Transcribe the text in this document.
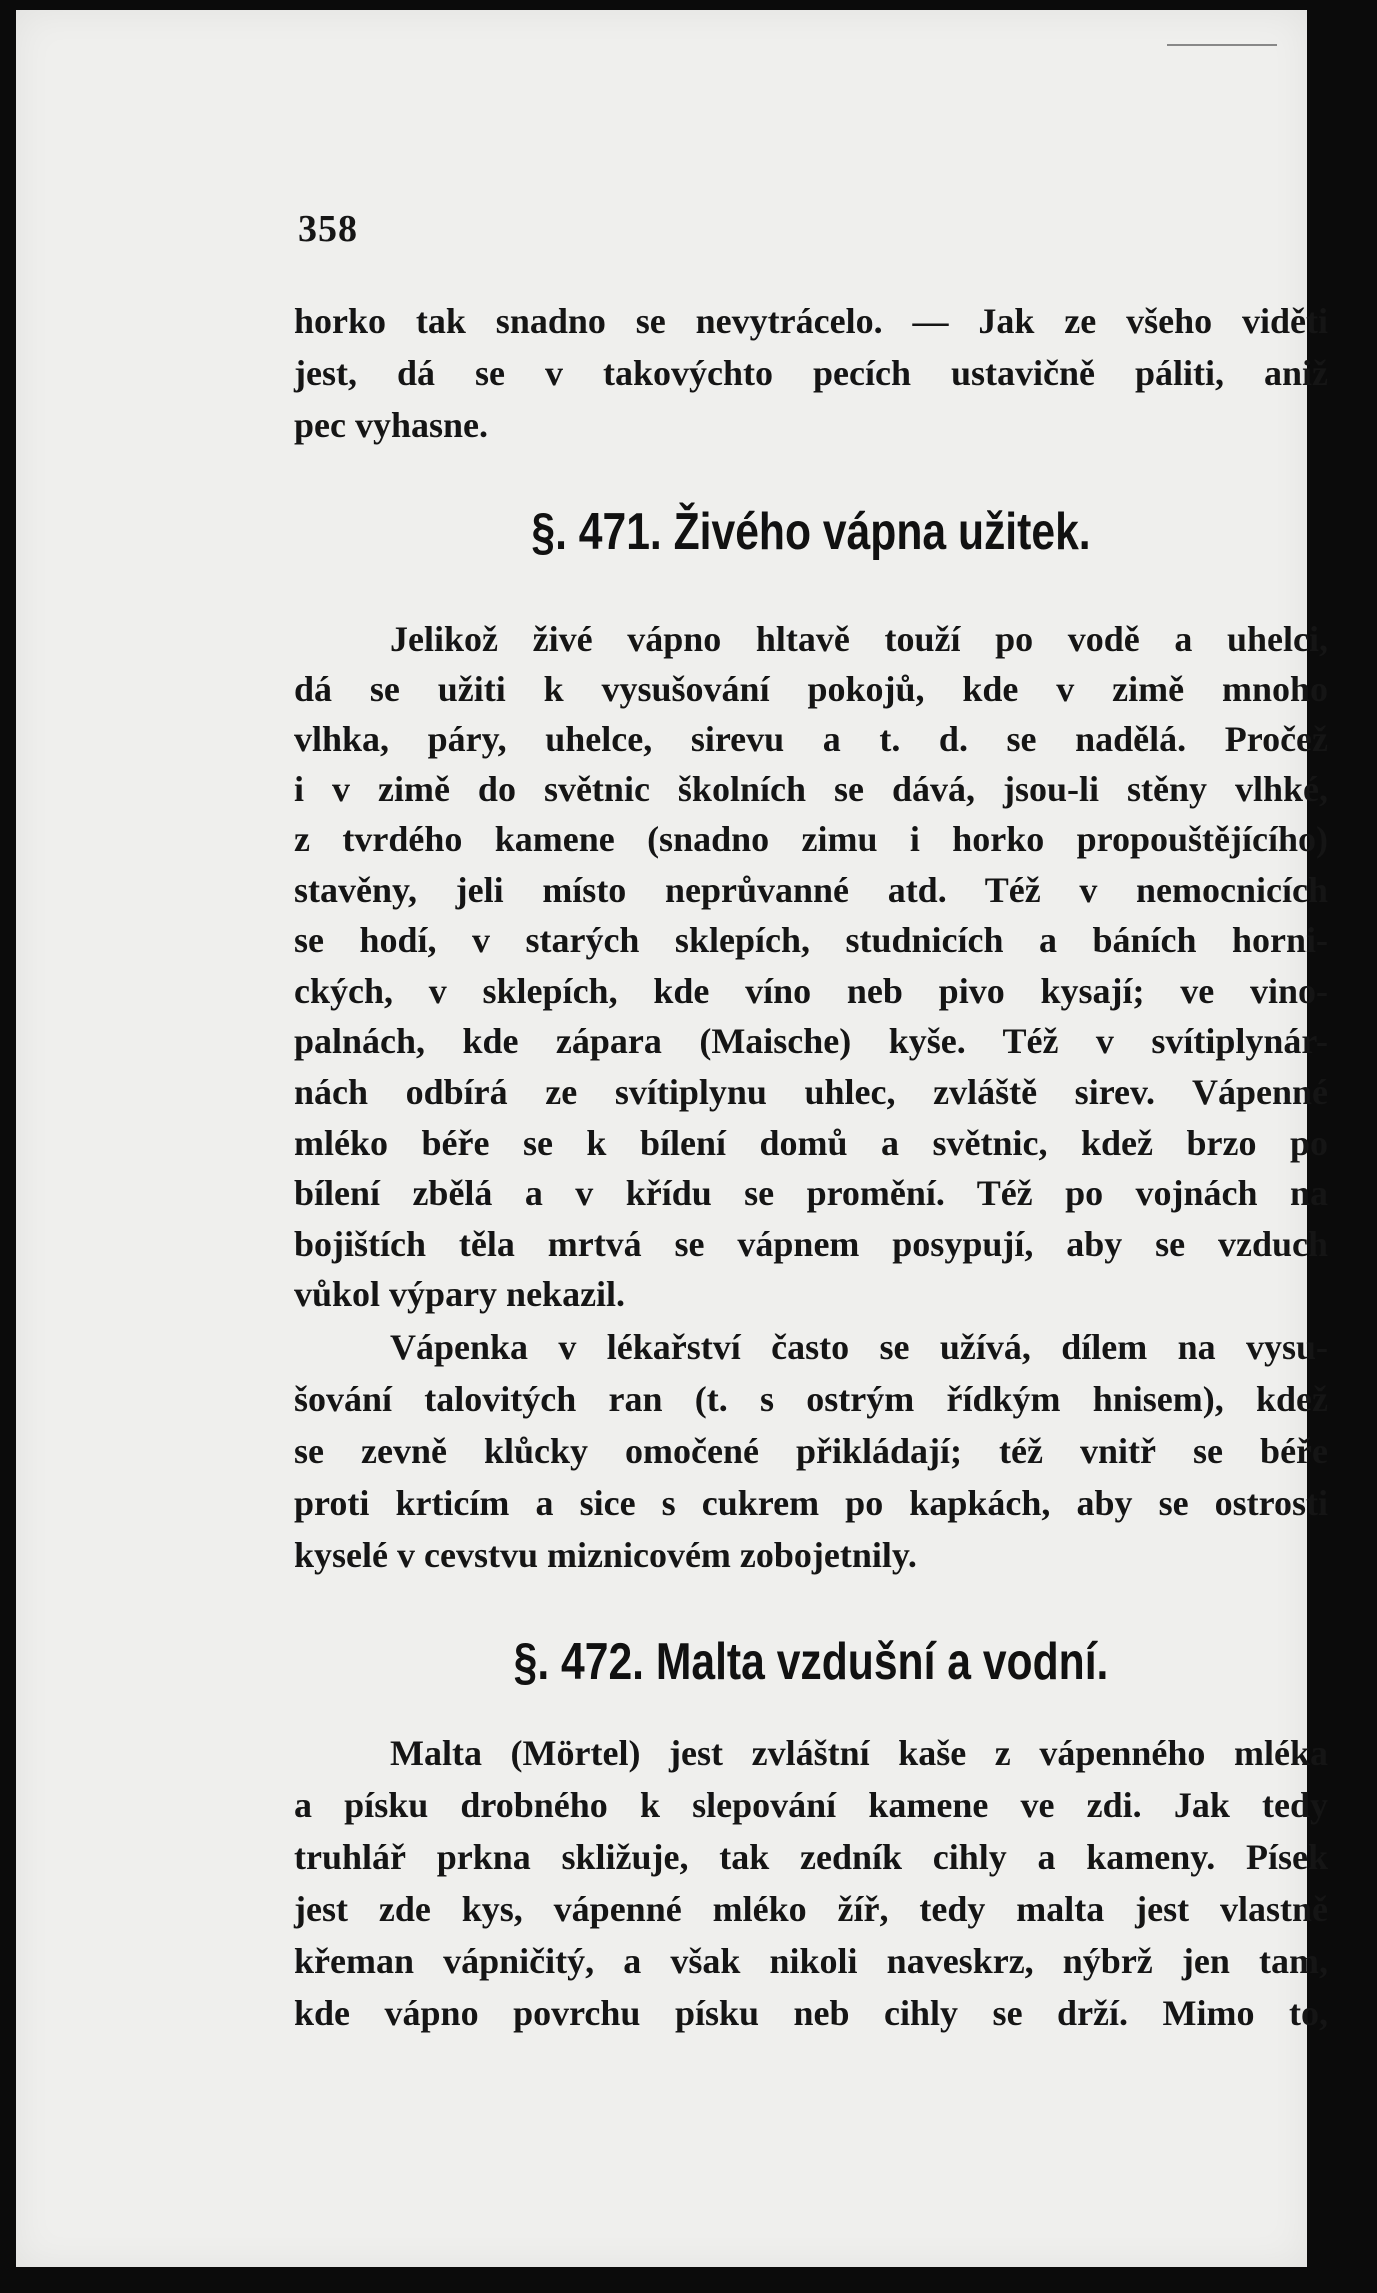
358
horko tak snadno se nevytrácelo. — Jak ze všeho viděti
jest, dá se v takovýchto pecích ustavičně páliti, aniž
pec vyhasne.
§. 471. Živého vápna užitek.
Jelikož živé vápno hltavě touží po vodě a uhelci,
dá se užiti k vysušování pokojů, kde v zimě mnoho
vlhka, páry, uhelce, sirevu a t. d. se nadělá. Pročež
i v zimě do světnic školních se dává, jsou-li stěny vlhké,
z tvrdého kamene (snadno zimu i horko propouštějícího)
stavěny, jeli místo neprůvanné atd. Též v nemocnicích
se hodí, v starých sklepích, studnicích a báních horni-
ckých, v sklepích, kde víno neb pivo kysají; ve vino-
palnách, kde zápara (Maische) kyše. Též v svítiplynár-
nách odbírá ze svítiplynu uhlec, zvláště sirev. Vápenné
mléko béře se k bílení domů a světnic, kdež brzo po
bílení zbělá a v křídu se promění. Též po vojnách na
bojištích těla mrtvá se vápnem posypují, aby se vzduch
vůkol výpary nekazil.
Vápenka v lékařství často se užívá, dílem na vysu-
šování talovitých ran (t. s ostrým řídkým hnisem), kdež
se zevně klůcky omočené přikládají; též vnitř se béře
proti krticím a sice s cukrem po kapkách, aby se ostrosti
kyselé v cevstvu miznicovém zobojetnily.
§. 472. Malta vzdušní a vodní.
Malta (Mörtel) jest zvláštní kaše z vápenného mléka
a písku drobného k slepování kamene ve zdi. Jak tedy
truhlář prkna skližuje, tak zedník cihly a kameny. Písek
jest zde kys, vápenné mléko žíř, tedy malta jest vlastně
křeman vápničitý, a však nikoli naveskrz, nýbrž jen tam,
kde vápno povrchu písku neb cihly se drží. Mimo to,
